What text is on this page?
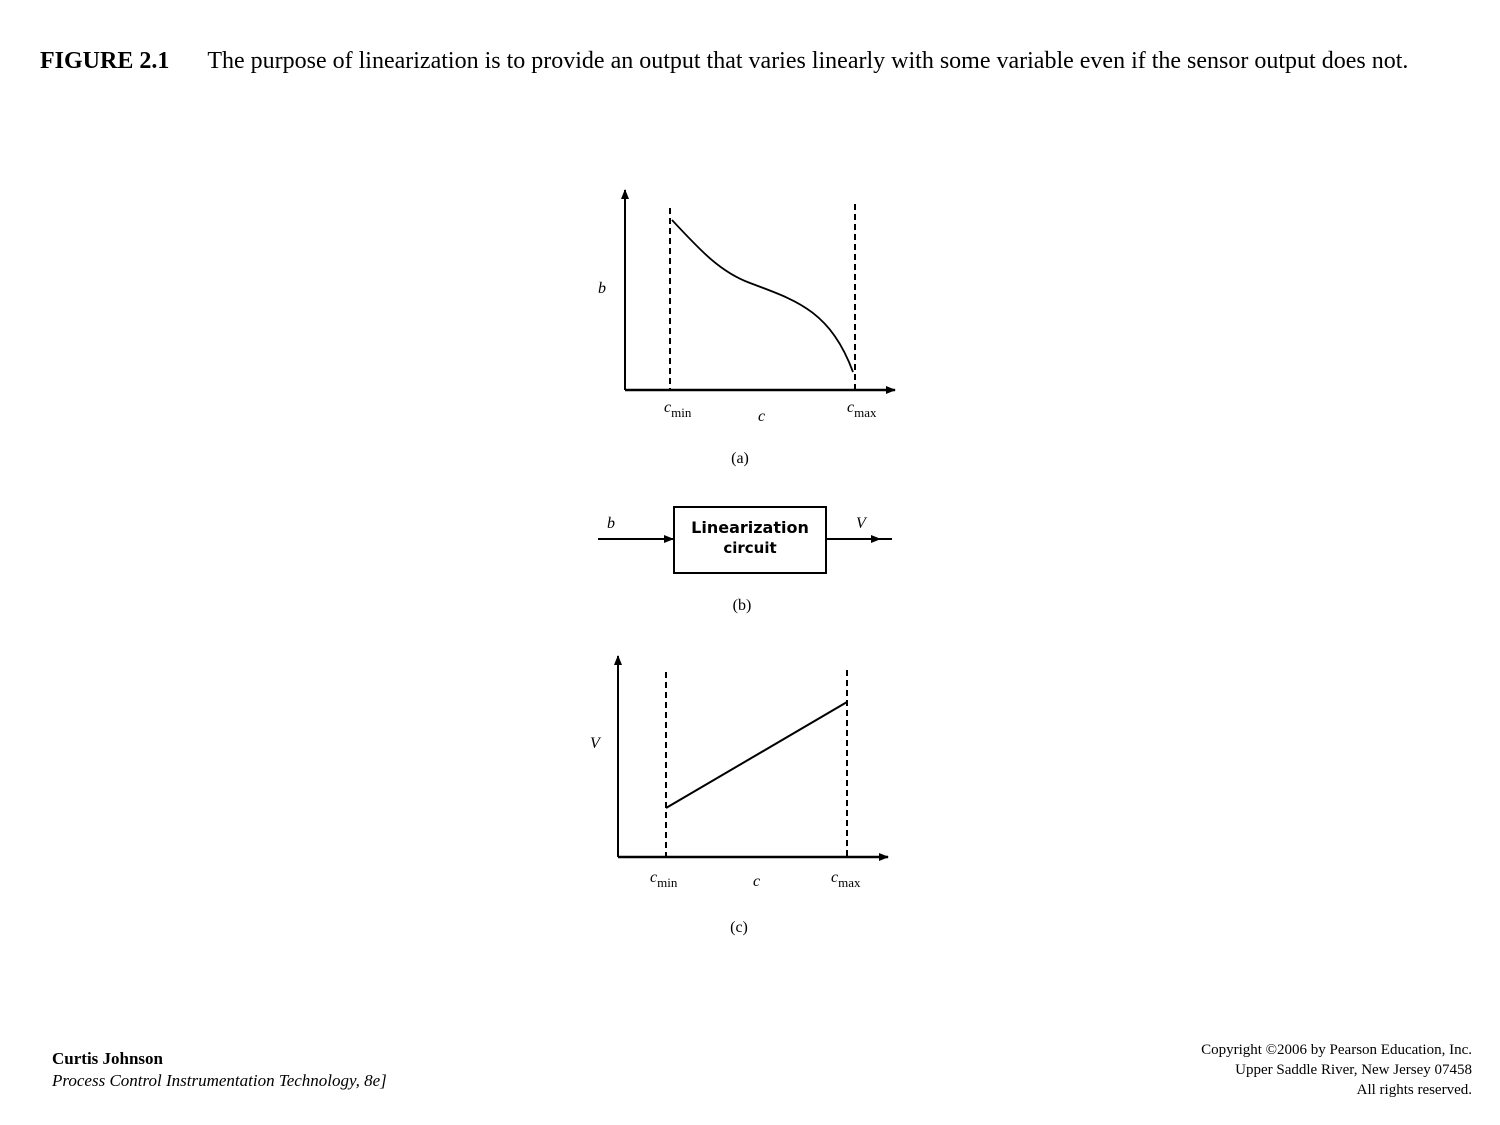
FIGURE 2.1 The purpose of linearization is to provide an output that varies linearly with some variable even if the sensor output does not.
b
$c_{min}$	c
$c_{max}$
(a)
b	Linearization
circuit
V
(b)
V
$c_{min}$	c	$c_{max}$
(c)
Curtis Johnson
Process Control Instrumentation Technology, 8e]
Copyright ©2006 by Pearson Education, Inc.
Upper Saddle River, New Jersey 07458
All rights reserved.
